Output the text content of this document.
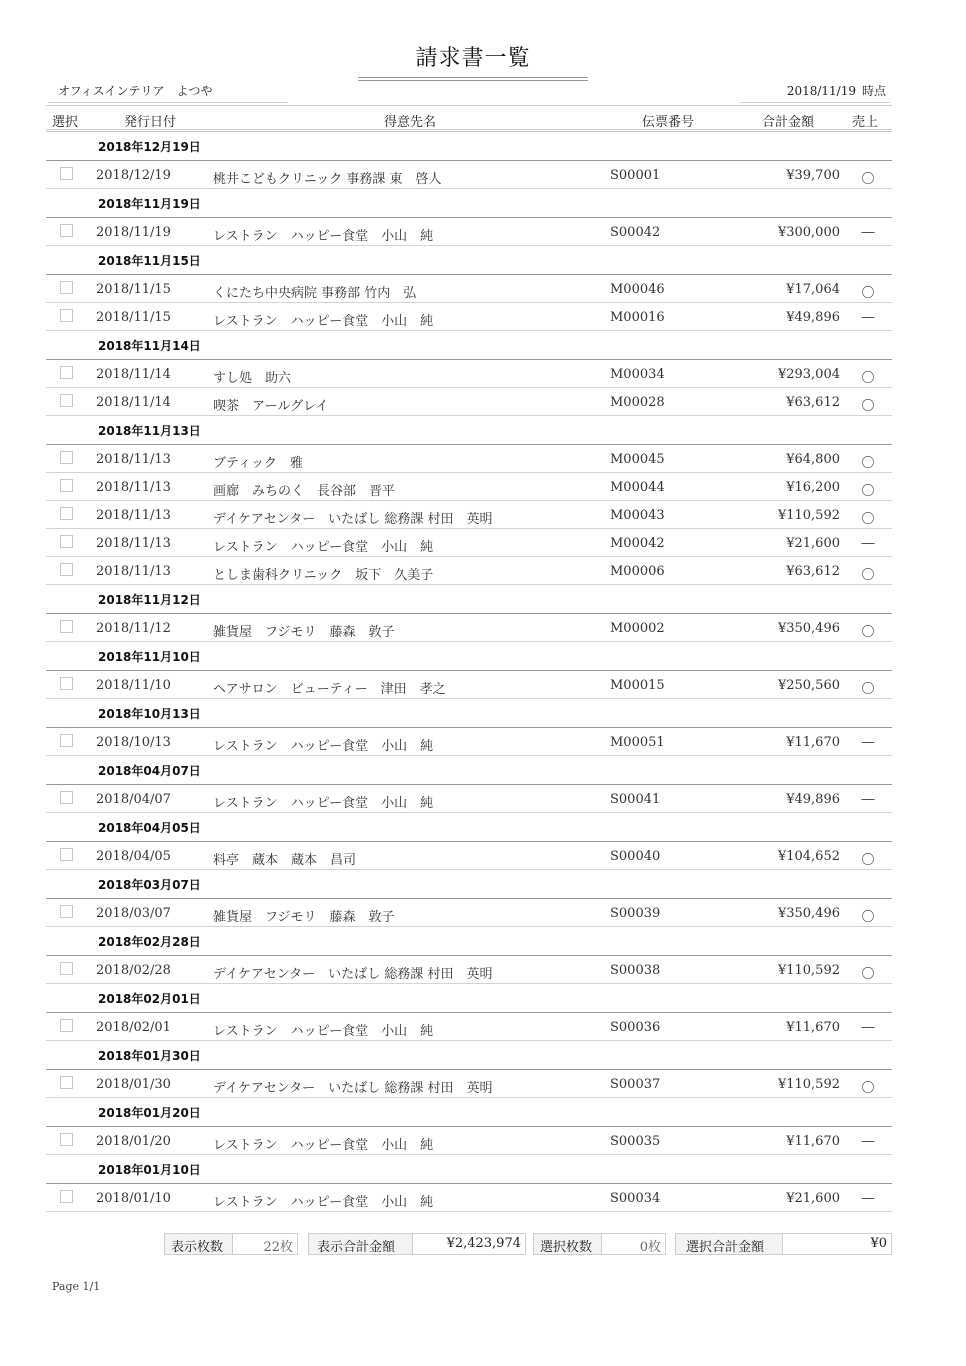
請求書一覧
オフィスインテリア　よつや	2018/11/19 時点
選択	発行日付	得意先名	伝票番号	合計金額	売上
2018年12月19日
2018/12/19	桃井こどもクリニック 事務課 東　啓人	S00001	¥39,700 〇
2018年11月19日
2018/11/19	レストラン　ハッピー食堂　小山　純	S00042	¥300,000 ―
2018年11月15日
2018/11/15	くにたち中央病院 事務部 竹内　弘	M00046	¥17,064 〇
2018/11/15	レストラン　ハッピー食堂　小山　純	M00016	¥49,896 ―
2018年11月14日
2018/11/14	すし処　助六	M00034	¥293,004 〇
2018/11/14	喫茶　アールグレイ	M00028	¥63,612 〇
2018年11月13日
2018/11/13	ブティック　雅	M00045	¥64,800 〇
2018/11/13	画廊　みちのく　長谷部　晋平	M00044	¥16,200 〇
2018/11/13	デイケアセンター　いたばし 総務課 村田　英明	M00043	¥110,592 〇
2018/11/13	レストラン　ハッピー食堂　小山　純	M00042	¥21,600 ―
2018/11/13	としま歯科クリニック　坂下　久美子	M00006	¥63,612 〇
2018年11月12日
2018/11/12	雑貨屋　フジモリ　藤森　敦子	M00002	¥350,496 〇
2018年11月10日
2018/11/10	ヘアサロン　ビューティー　津田　孝之	M00015	¥250,560 〇
2018年10月13日
2018/10/13	レストラン　ハッピー食堂　小山　純	M00051	¥11,670 ―
2018年04月07日
2018/04/07	レストラン　ハッピー食堂　小山　純	S00041	¥49,896 ―
2018年04月05日
2018/04/05	料亭　蔵本　蔵本　昌司	S00040	¥104,652 〇
2018年03月07日
2018/03/07	雑貨屋　フジモリ　藤森　敦子	S00039	¥350,496 〇
2018年02月28日
2018/02/28	デイケアセンター　いたばし 総務課 村田　英明	S00038	¥110,592 〇
2018年02月01日
2018/02/01	レストラン　ハッピー食堂　小山　純	S00036	¥11,670 ―
2018年01月30日
2018/01/30	デイケアセンター　いたばし 総務課 村田　英明	S00037	¥110,592 〇
2018年01月20日
2018/01/20	レストラン　ハッピー食堂　小山　純	S00035	¥11,670 ―
2018年01月10日
2018/01/10	レストラン　ハッピー食堂　小山　純	S00034	¥21,600 ―
表示枚数	22枚	表示合計金額	¥2,423,974	選択枚数	0枚	選択合計金額	¥0
Page 1/1
